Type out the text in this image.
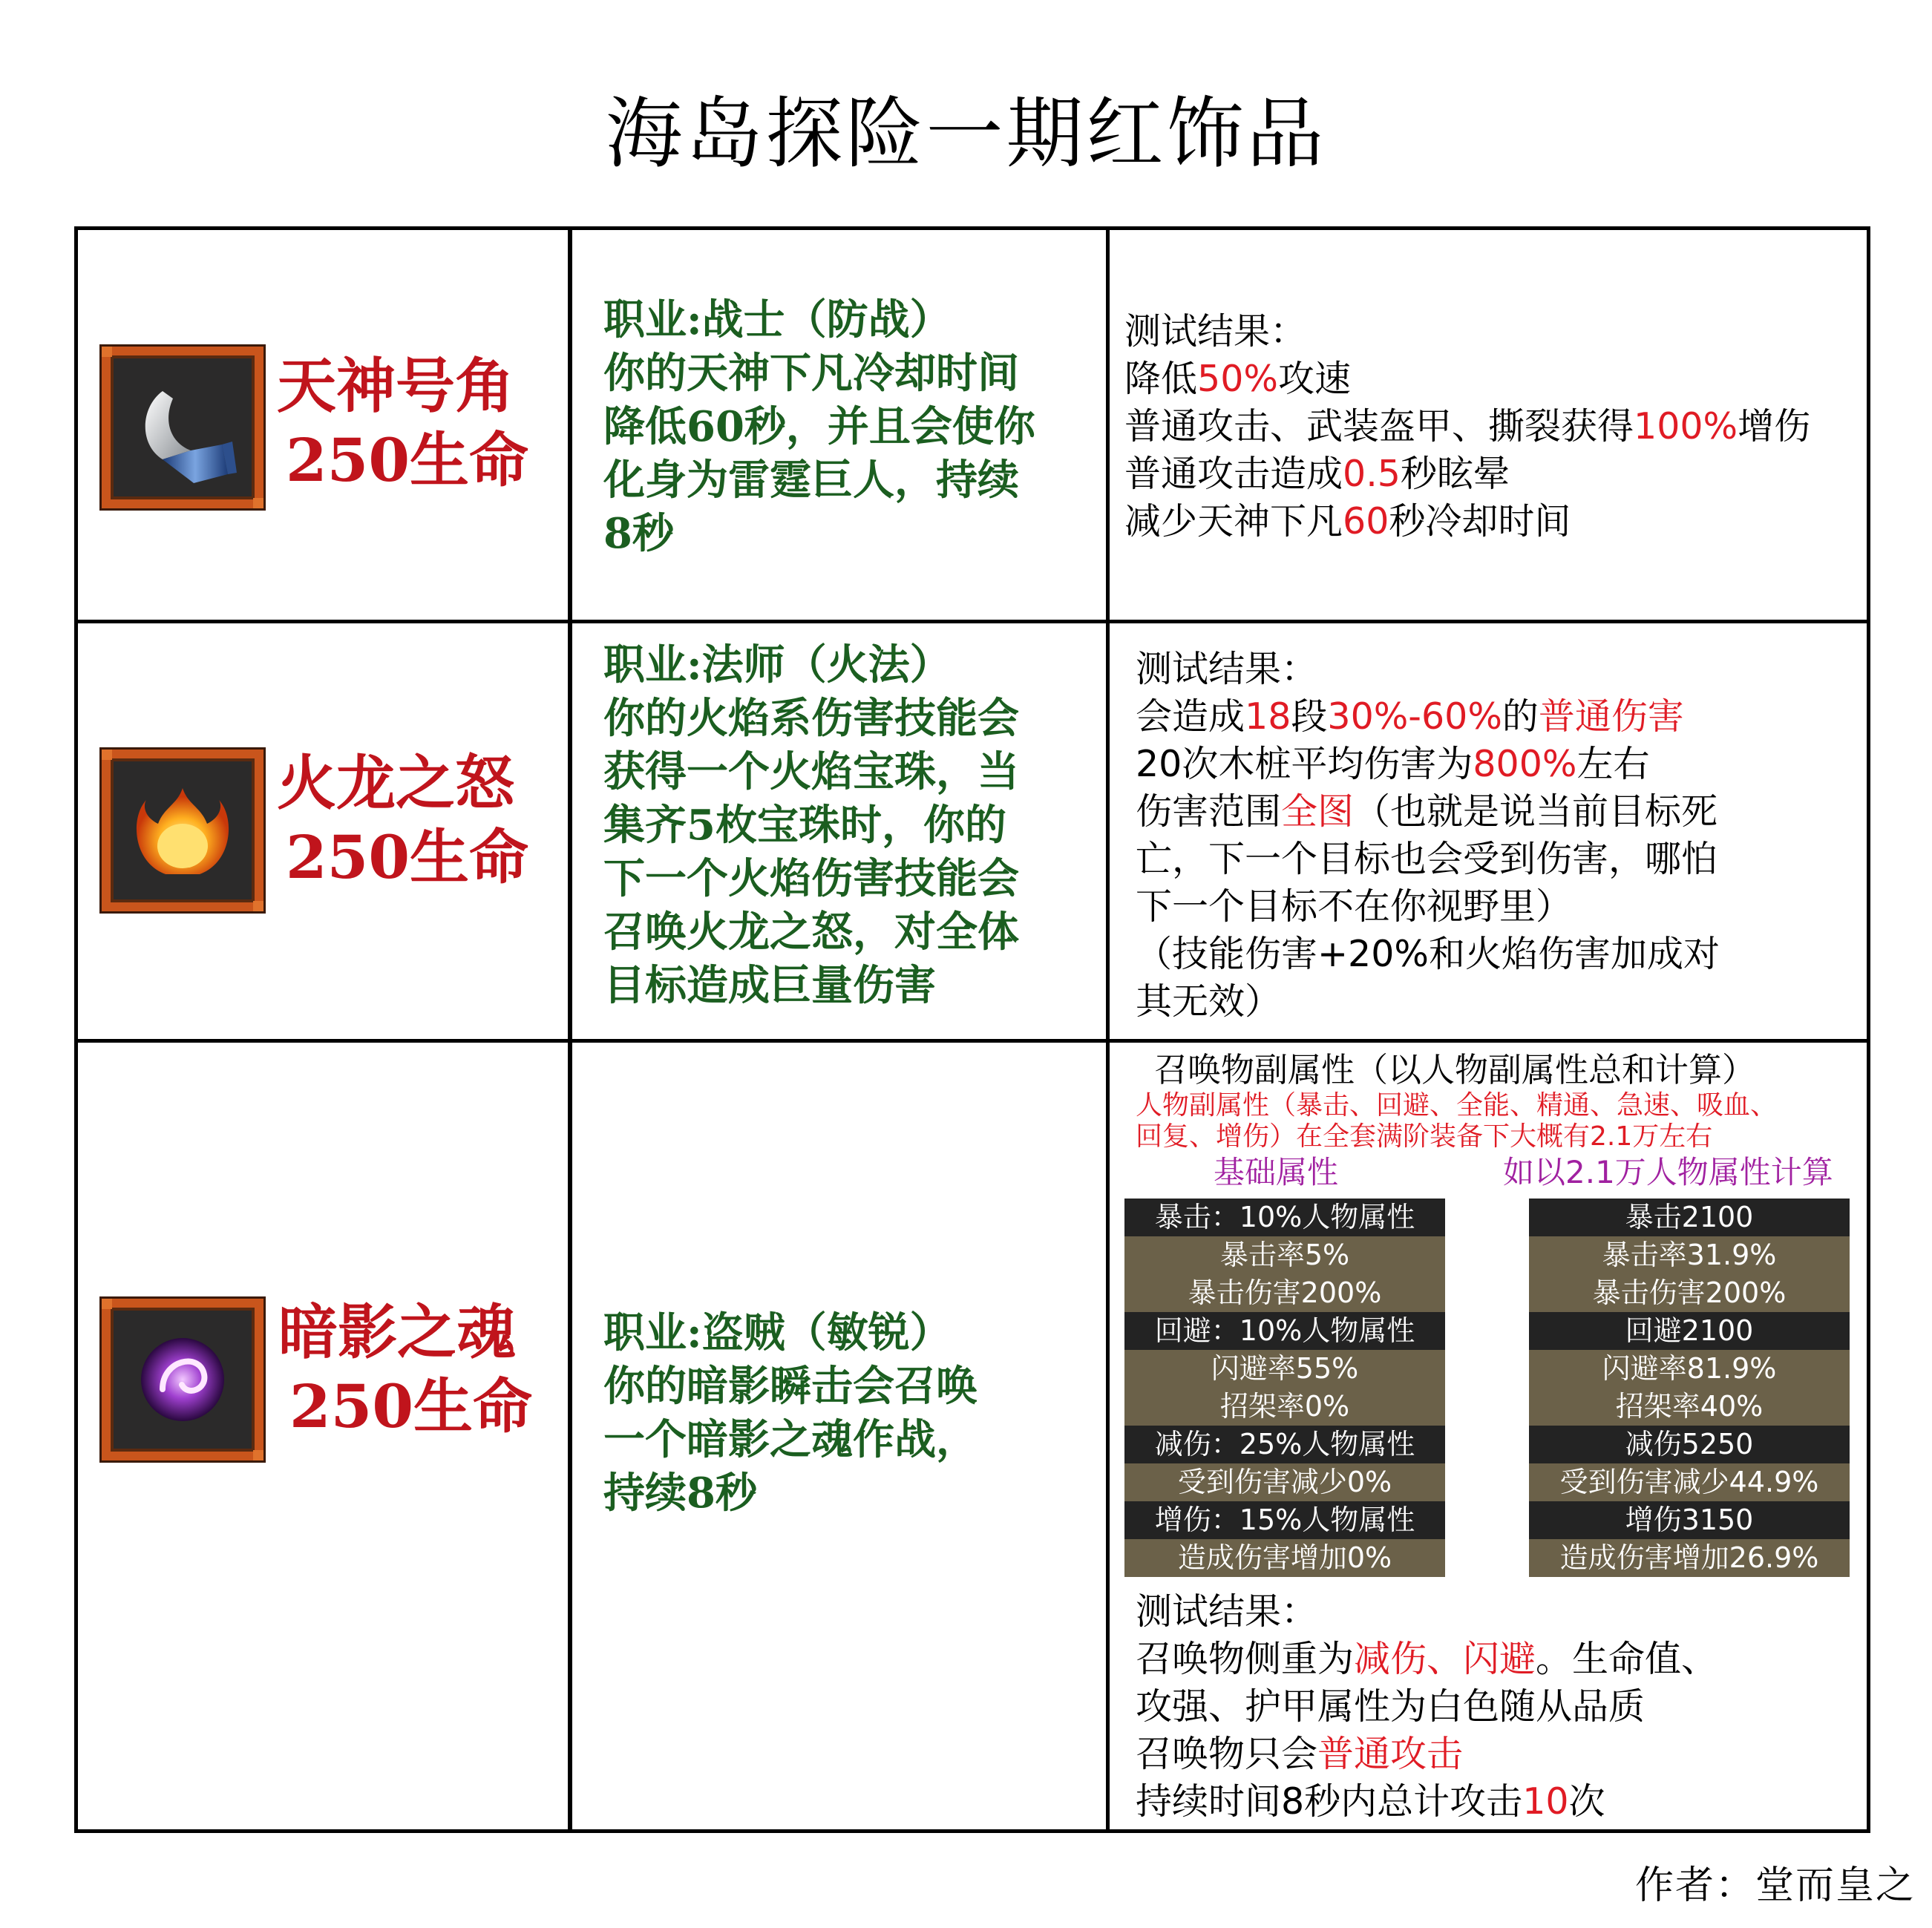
海岛探险一期红饰品
天神号角
250生命
职业:战士（防战）
你的天神下凡冷却时间
降低60秒，并且会使你
化身为雷霆巨人，持续
8秒
测试结果：
降低50%攻速
普通攻击、武装盔甲、撕裂获得100%增伤
普通攻击造成0.5秒眩晕
减少天神下凡60秒冷却时间
火龙之怒
250生命
职业:法师（火法）
你的火焰系伤害技能会
获得一个火焰宝珠，当
集齐5枚宝珠时，你的
下一个火焰伤害技能会
召唤火龙之怒，对全体
目标造成巨量伤害
测试结果：
会造成18段30%-60%的普通伤害
20次木桩平均伤害为800%左右
伤害范围全图（也就是说当前目标死
亡，下一个目标也会受到伤害，哪怕
下一个目标不在你视野里）
（技能伤害+20%和火焰伤害加成对
其无效）
暗影之魂
250生命
职业:盗贼（敏锐）
你的暗影瞬击会召唤
一个暗影之魂作战，
持续8秒
召唤物副属性（以人物副属性总和计算）
人物副属性（暴击、回避、全能、精通、急速、吸血、
回复、增伤）在全套满阶装备下大概有2.1万左右
基础属性	如以2.1万人物属性计算
暴击：10%人物属性
暴击率5%
暴击伤害200%
回避：10%人物属性
闪避率55%
招架率0%
减伤：25%人物属性
受到伤害减少0%
增伤：15%人物属性
造成伤害增加0%
暴击2100
暴击率31.9%
暴击伤害200%
回避2100
闪避率81.9%
招架率40%
减伤5250
受到伤害减少44.9%
增伤3150
造成伤害增加26.9%
测试结果：
召唤物侧重为减伤、闪避。生命值、
攻强、护甲属性为白色随从品质
召唤物只会普通攻击
持续时间8秒内总计攻击10次
作者：堂而皇之
